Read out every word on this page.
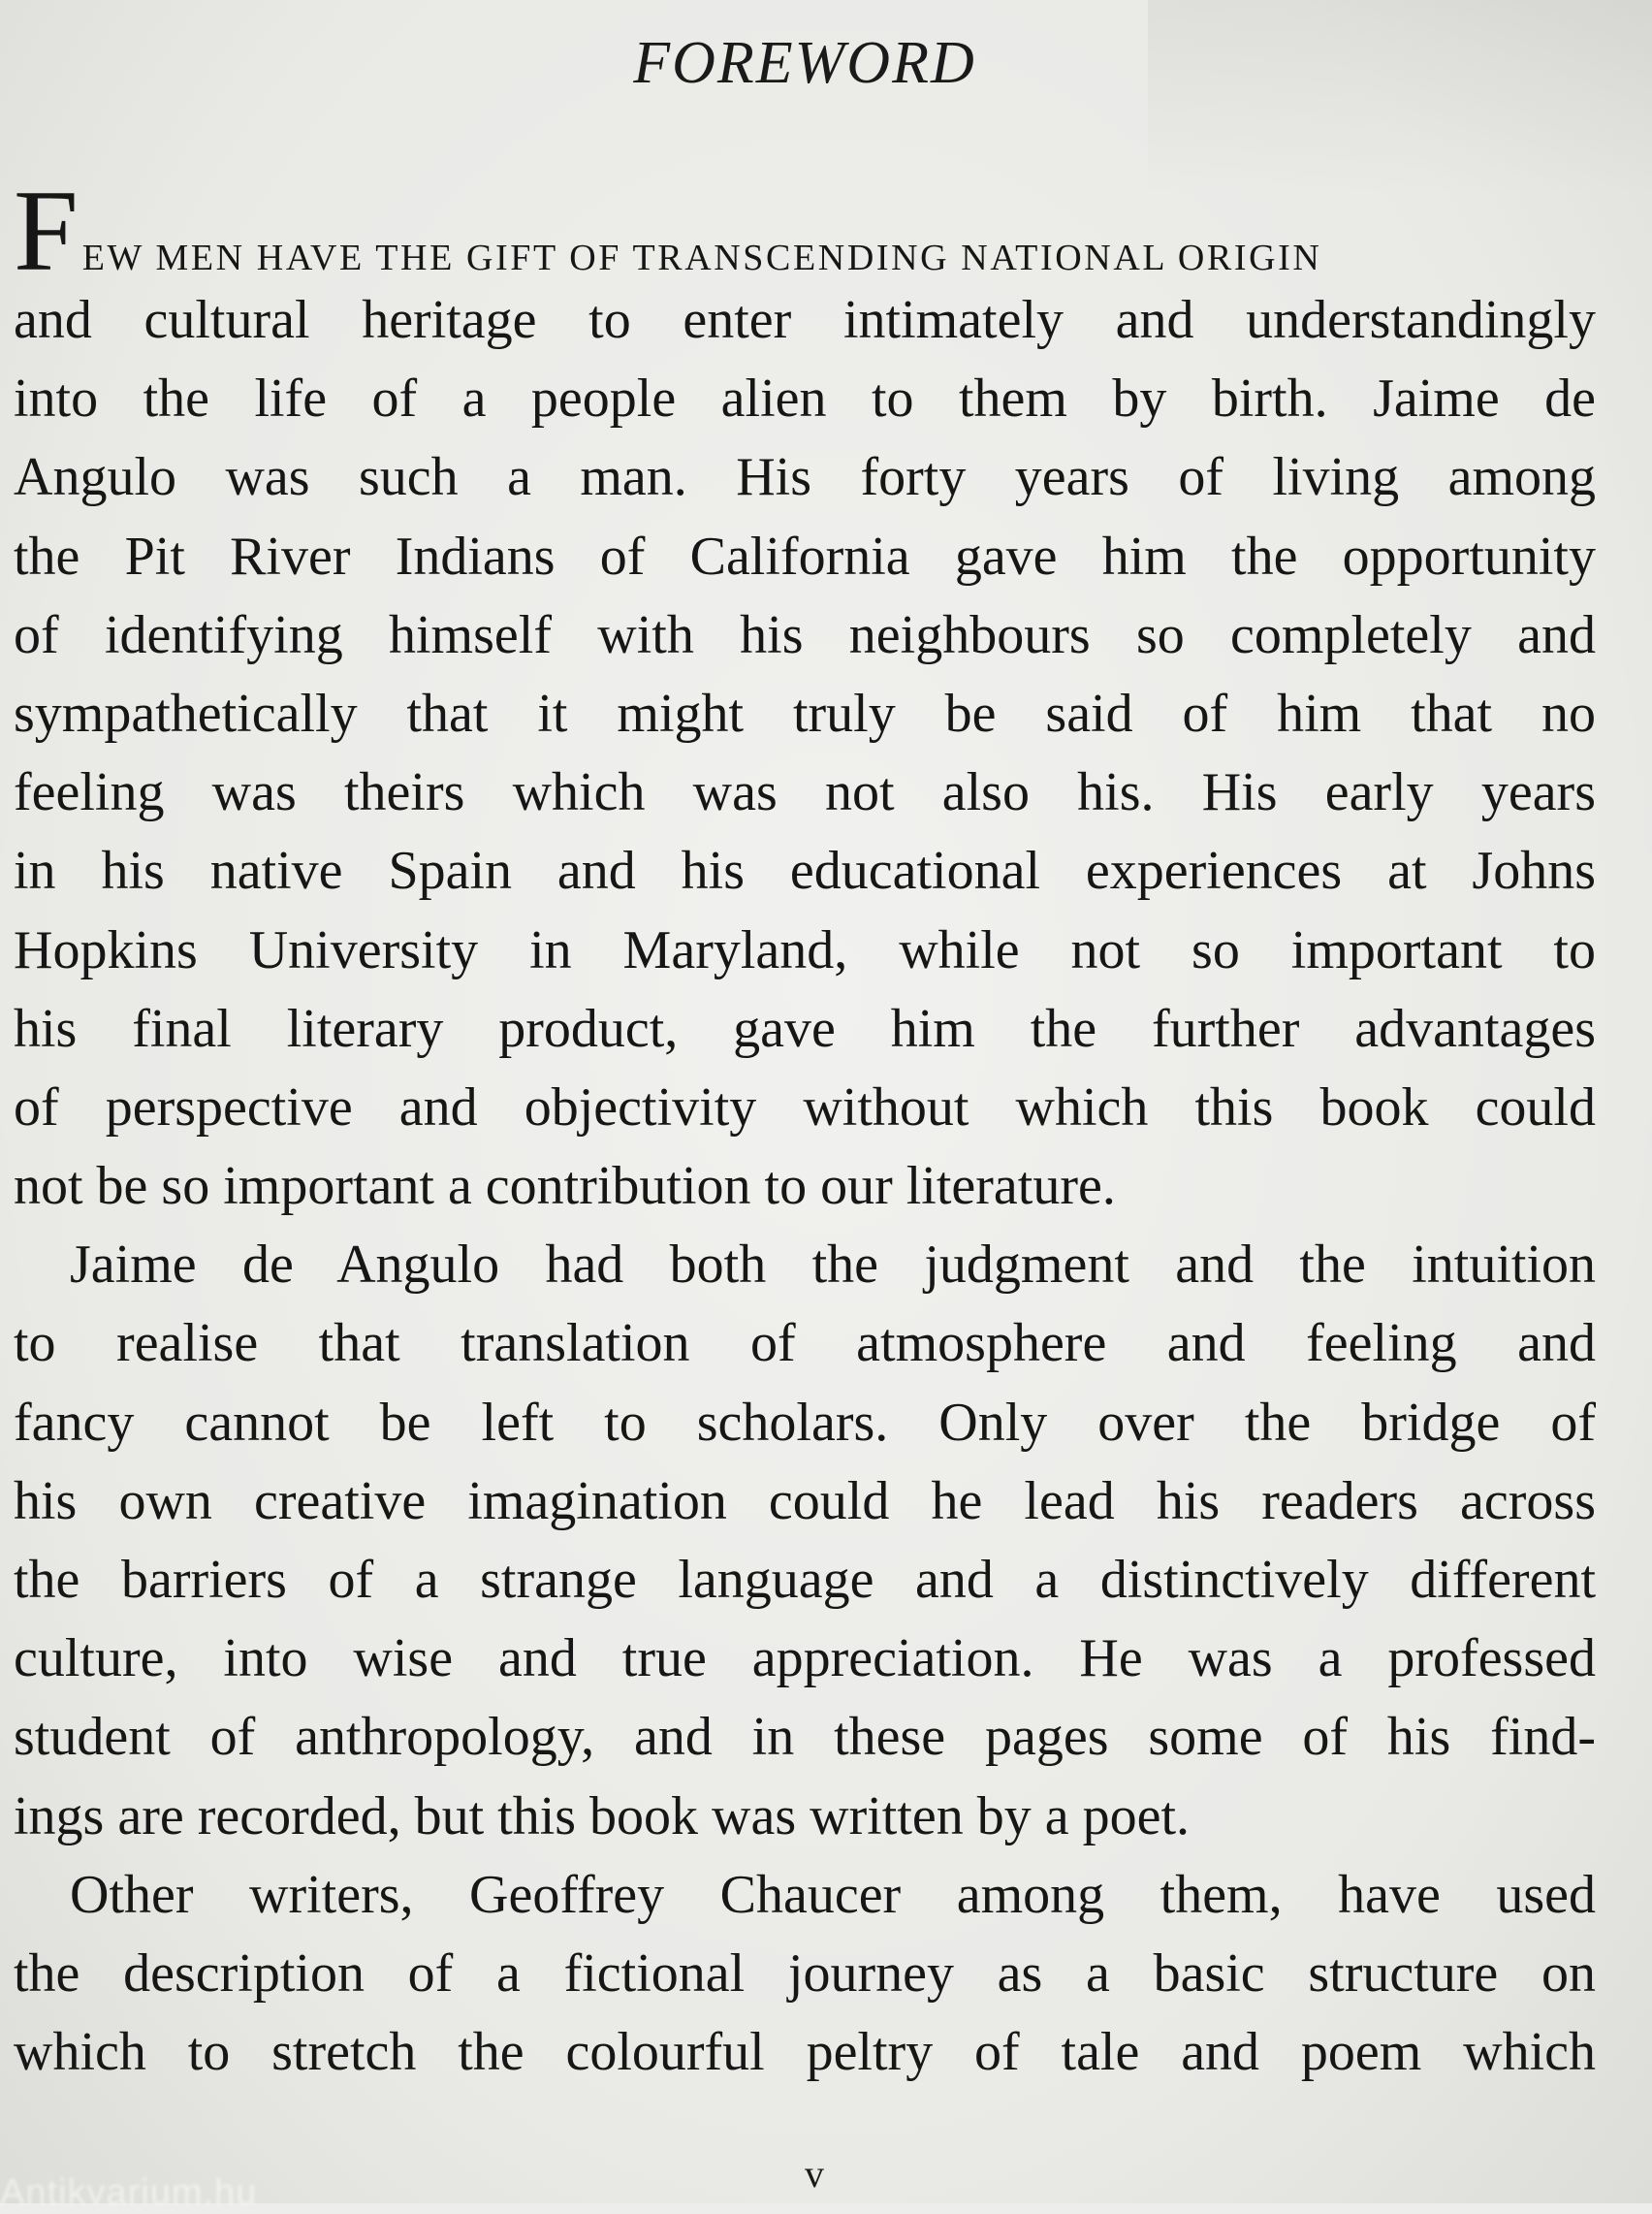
FOREWORD
FEW MEN HAVE THE GIFT OF TRANSCENDING NATIONAL ORIGIN
and cultural heritage to enter intimately and understandingly
into the life of a people alien to them by birth. Jaime de
Angulo was such a man. His forty years of living among
the Pit River Indians of California gave him the opportunity
of identifying himself with his neighbours so completely and
sympathetically that it might truly be said of him that no
feeling was theirs which was not also his. His early years
in his native Spain and his educational experiences at Johns
Hopkins University in Maryland, while not so important to
his final literary product, gave him the further advantages
of perspective and objectivity without which this book could
not be so important a contribution to our literature.
Jaime de Angulo had both the judgment and the intuition
to realise that translation of atmosphere and feeling and
fancy cannot be left to scholars. Only over the bridge of
his own creative imagination could he lead his readers across
the barriers of a strange language and a distinctively different
culture, into wise and true appreciation. He was a professed
student of anthropology, and in these pages some of his find-
ings are recorded, but this book was written by a poet.
Other writers, Geoffrey Chaucer among them, have used
the description of a fictional journey as a basic structure on
which to stretch the colourful peltry of tale and poem which
v
Antikvarium.hu
